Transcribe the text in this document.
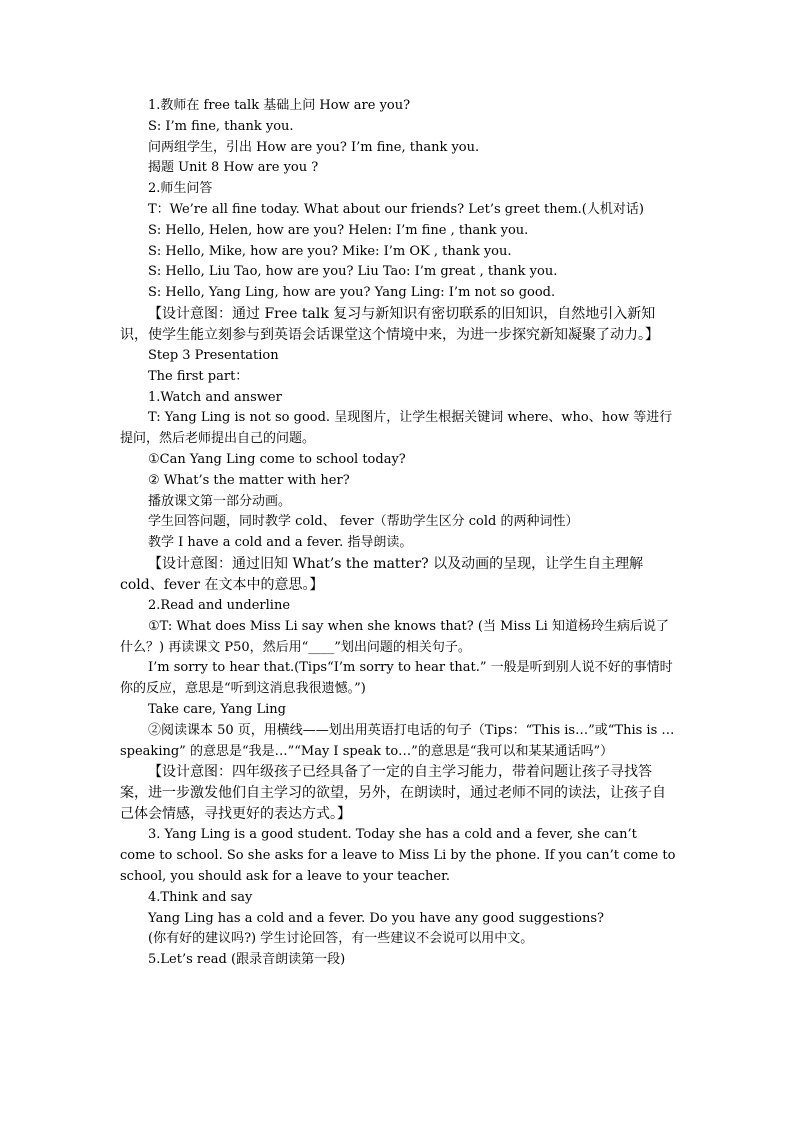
1.教师在 free talk 基础上问 How are you?

S: I’m fine, thank you.

问两组学生，引出 How are you? I’m fine, thank you.

揭题 Unit 8 How are you ?

2.师生问答

T：We’re all fine today. What about our friends? Let’s greet them.(人机对话)

S: Hello, Helen, how are you? Helen: I’m fine , thank you.

S: Hello, Mike, how are you? Mike: I’m OK , thank you.

S: Hello, Liu Tao, how are you? Liu Tao: I’m great , thank you.

S: Hello, Yang Ling, how are you? Yang Ling: I’m not so good.

【设计意图：通过 Free talk 复习与新知识有密切联系的旧知识，自然地引入新知识，使学生能立刻参与到英语会话课堂这个情境中来，为进一步探究新知凝聚了动力。】

Step 3 Presentation

The first part：

1.Watch and answer

T: Yang Ling is not so good. 呈现图片，让学生根据关键词 where、who、how 等进行提问，然后老师提出自己的问题。

①Can Yang Ling come to school today?

② What’s the matter with her?

播放课文第一部分动画。

学生回答问题，同时教学 cold、 fever（帮助学生区分 cold 的两种词性）

教学 I have a cold and a fever. 指导朗读。

【设计意图：通过旧知 What’s the matter? 以及动画的呈现，让学生自主理解 cold、fever 在文本中的意思。】

2.Read and underline

①T: What does Miss Li say when she knows that? (当 Miss Li 知道杨玲生病后说了什么？) 再读课文 P50，然后用“____”划出问题的相关句子。

I’m sorry to hear that.(Tips“I’m sorry to hear that.” 一般是听到别人说不好的事情时你的反应，意思是“听到这消息我很遗憾。”)

Take care, Yang Ling

②阅读课本 50 页，用横线——划出用英语打电话的句子（Tips：“This is…”或“This is …speaking” 的意思是“我是…”“May I speak to…”的意思是“我可以和某某通话吗”）

【设计意图：四年级孩子已经具备了一定的自主学习能力，带着问题让孩子寻找答案，进一步激发他们自主学习的欲望，另外，在朗读时，通过老师不同的读法，让孩子自己体会情感，寻找更好的表达方式。】

3. Yang Ling is a good student. Today she has a cold and a fever, she can’t come to school. So she asks for a leave to Miss Li by the phone. If you can’t come to school, you should ask for a leave to your teacher.

4.Think and say

Yang Ling has a cold and a fever. Do you have any good suggestions?

(你有好的建议吗?) 学生讨论回答，有一些建议不会说可以用中文。

5.Let’s read (跟录音朗读第一段)
